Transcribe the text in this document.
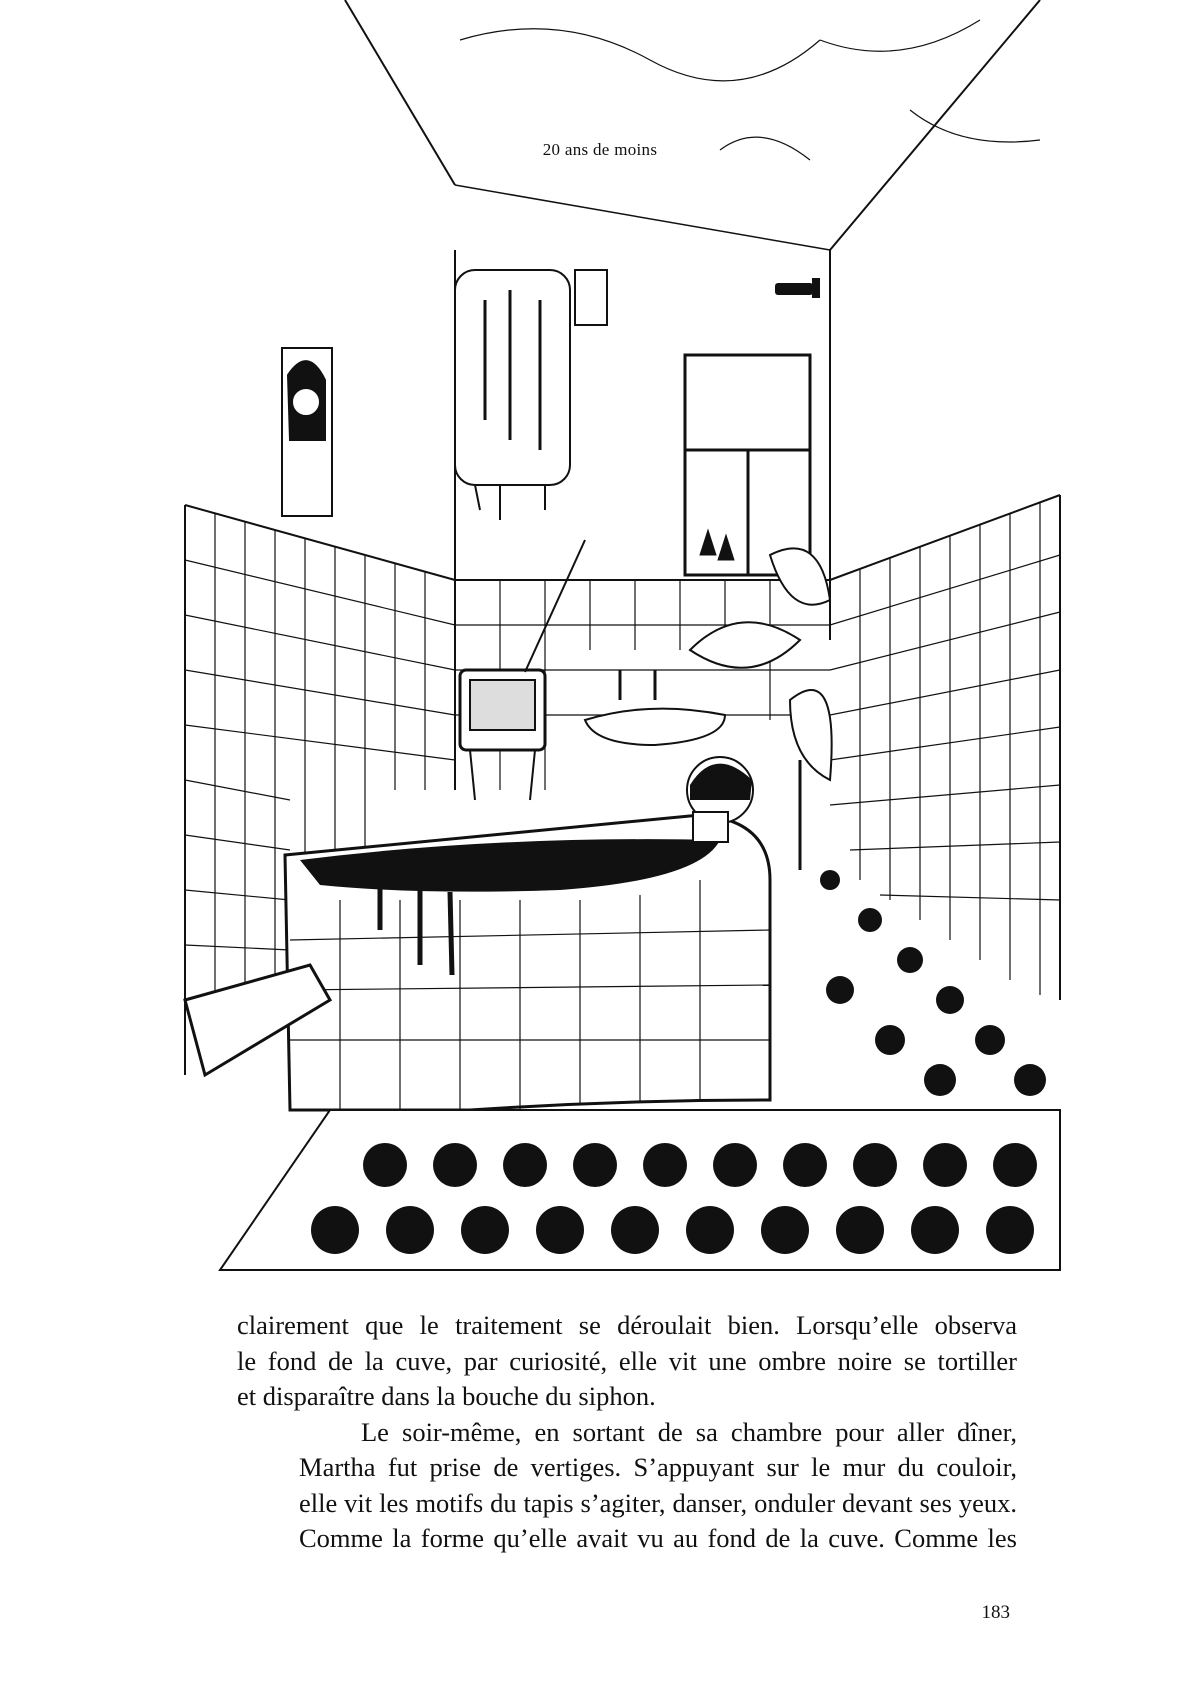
20 ans de moins

clairement que le traitement se déroulait bien. Lorsqu’elle observa
le fond de la cuve, par curiosité, elle vit une ombre noire se tortiller
et disparaître dans la bouche du siphon.

Le soir-même, en sortant de sa chambre pour aller dîner,
Martha fut prise de vertiges. S’appuyant sur le mur du couloir,
elle vit les motifs du tapis s’agiter, danser, onduler devant ses yeux.
Comme la forme qu’elle avait vu au fond de la cuve. Comme les

183
